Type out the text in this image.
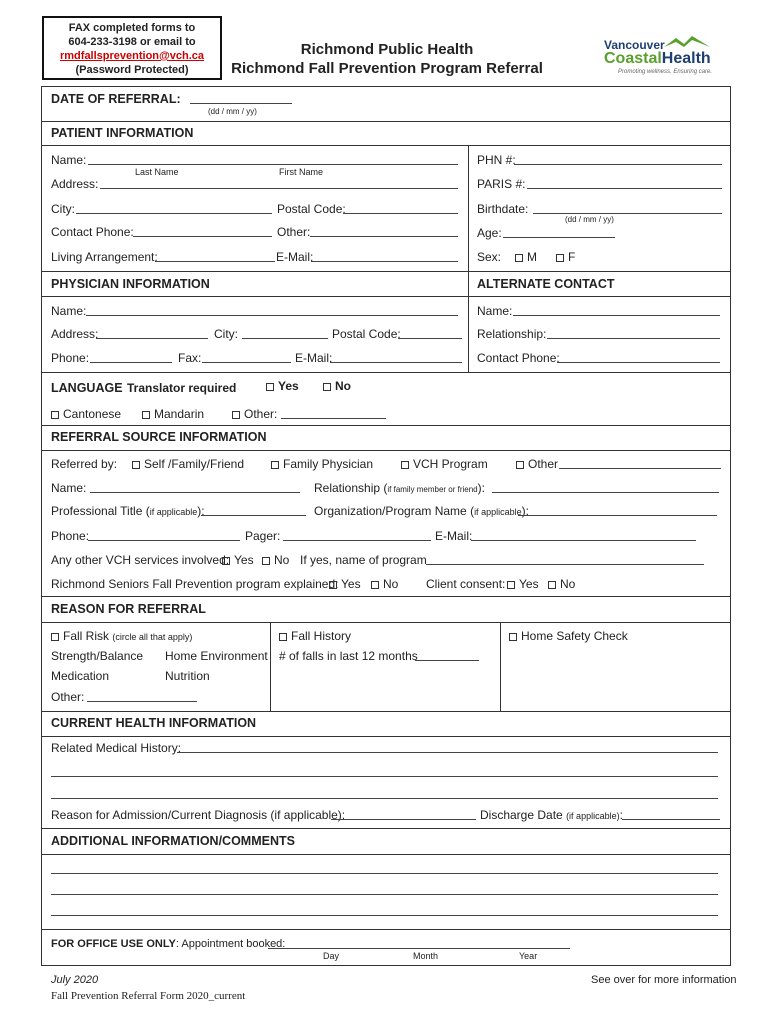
FAX completed forms to
604-233-3198 or email to
rmdfallsprevention@vch.ca
(Password Protected)
Richmond Public Health
Richmond Fall Prevention Program Referral
Vancouver
CoastalHealth
Promoting wellness. Ensuring care.
DATE OF REFERRAL:
(dd / mm / yy)
PATIENT INFORMATION
Name:
Last Name	First Name
Address:
City:	Postal Code:
Contact Phone:	Other:
Living Arrangement:	E-Mail:
PHN #:
PARIS #:
Birthdate:
(dd / mm / yy)
Age:
Sex:	M	F
PHYSICIAN INFORMATION	ALTERNATE CONTACT
Name:
Address:	City:	Postal Code:
Phone:	Fax:	E-Mail:
Name:
Relationship:
Contact Phone:
LANGUAGE Translator required	Yes	No
Cantonese	Mandarin	Other:
REFERRAL SOURCE INFORMATION
Referred by:	Self /Family/Friend	Family Physician	VCH Program	Other
Name:	Relationship (if family member or friend):
Professional Title (if applicable):	Organization/Program Name (if applicable):
Phone:	Pager:	E-Mail:
Any other VCH services involved: Yes	No If yes, name of program
Richmond Seniors Fall Prevention program explained: Yes	No Client consent:	Yes	No
REASON FOR REFERRAL
Fall Risk (circle all that apply)
Strength/Balance Home Environment
Medication	Nutrition
Other:
Fall History
# of falls in last 12 months
Home Safety Check
CURRENT HEALTH INFORMATION
Related Medical History:
Reason for Admission/Current Diagnosis (if applicable):	Discharge Date (if applicable):
ADDITIONAL INFORMATION/COMMENTS
FOR OFFICE USE ONLY: Appointment booked:
Day	Month	Year
July 2020
Fall Prevention Referral Form 2020_current
See over for more information
